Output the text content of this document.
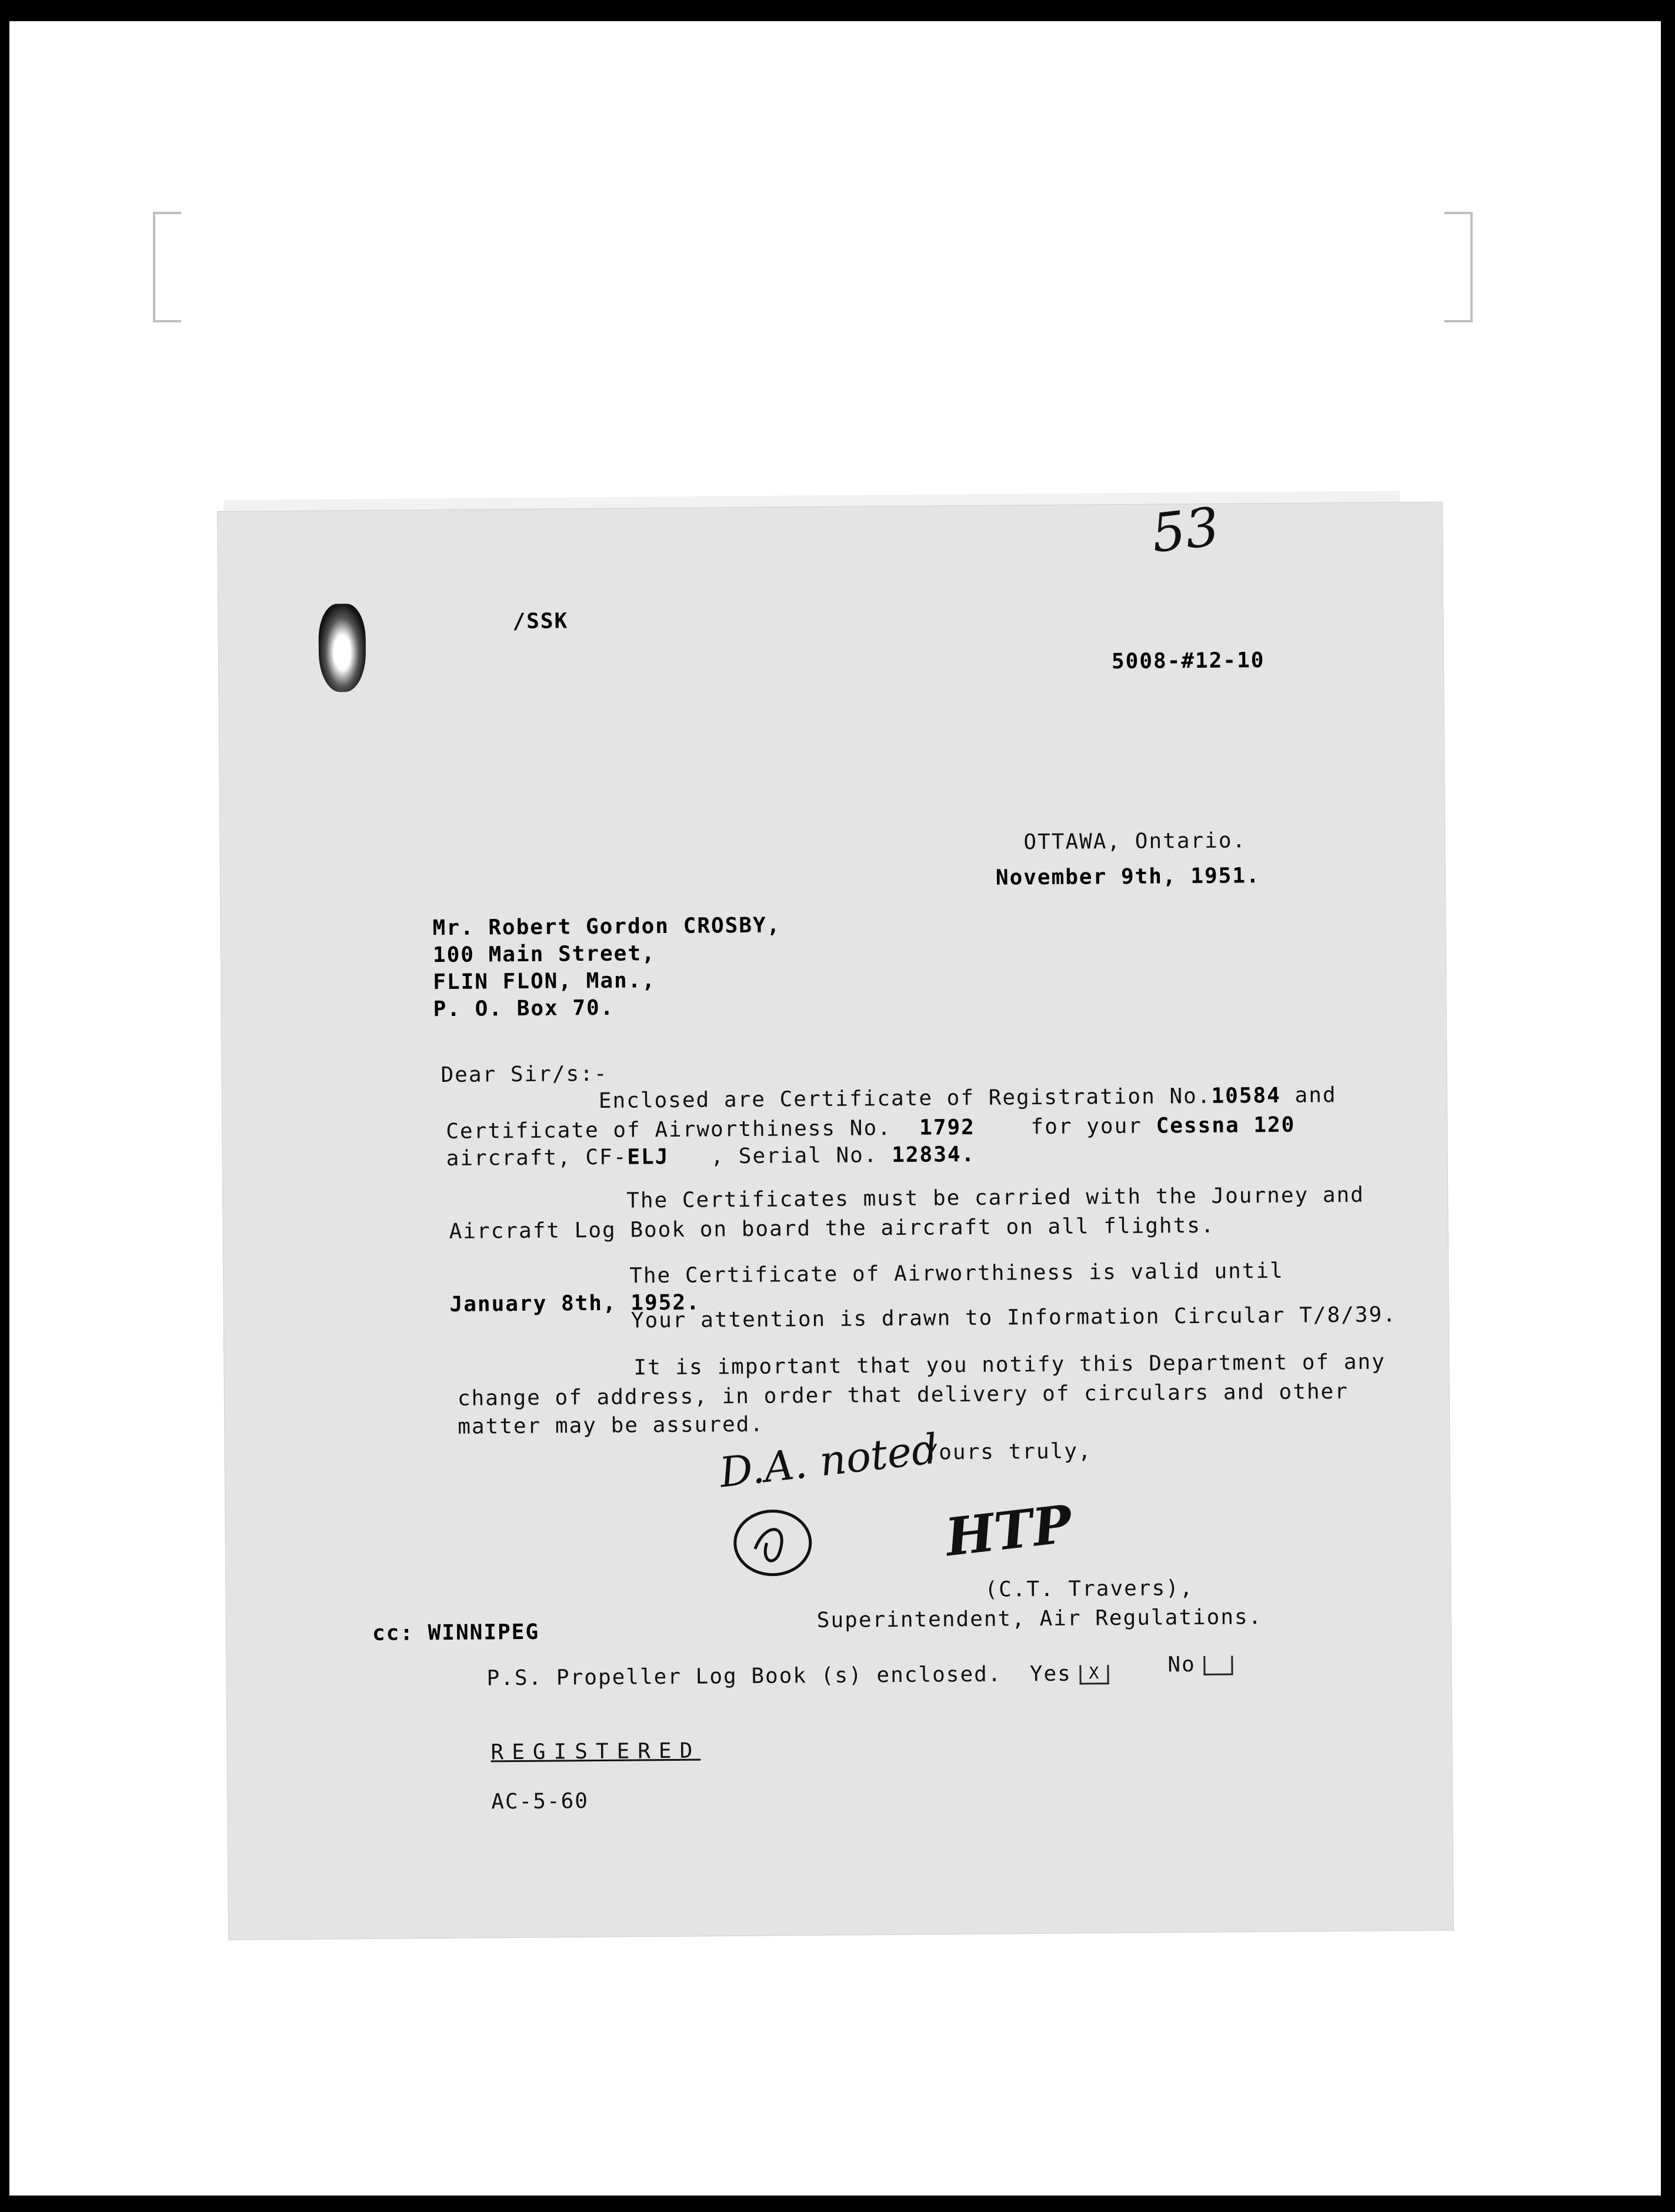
53
/SSK
5008-#12-10
OTTAWA, Ontario.
November 9th, 1951.
Mr. Robert Gordon CROSBY,
100 Main Street,
FLIN FLON, Man.,
P. O. Box 70.
Dear Sir/s:-
Enclosed are Certificate of Registration No.10584 and
Certificate of Airworthiness No. 1792	for your Cessna 120
aircraft, CF-ELJ , Serial No. 12834.
The Certificates must be carried with the Journey and
Aircraft Log Book on board the aircraft on all flights.
The Certificate of Airworthiness is valid until
January 8th, 1952.
Your attention is drawn to Information Circular T/8/39.
It is important that you notify this Department of any
change of address, in order that delivery of circulars and other
matter may be assured.
Yours truly,
D.A. noted
HTP
(C.T. Travers),
Superintendent, Air Regulations.
cc: WINNIPEG
P.S. Propeller Log Book (s) enclosed. Yes X	No
REGISTERED
AC-5-60
